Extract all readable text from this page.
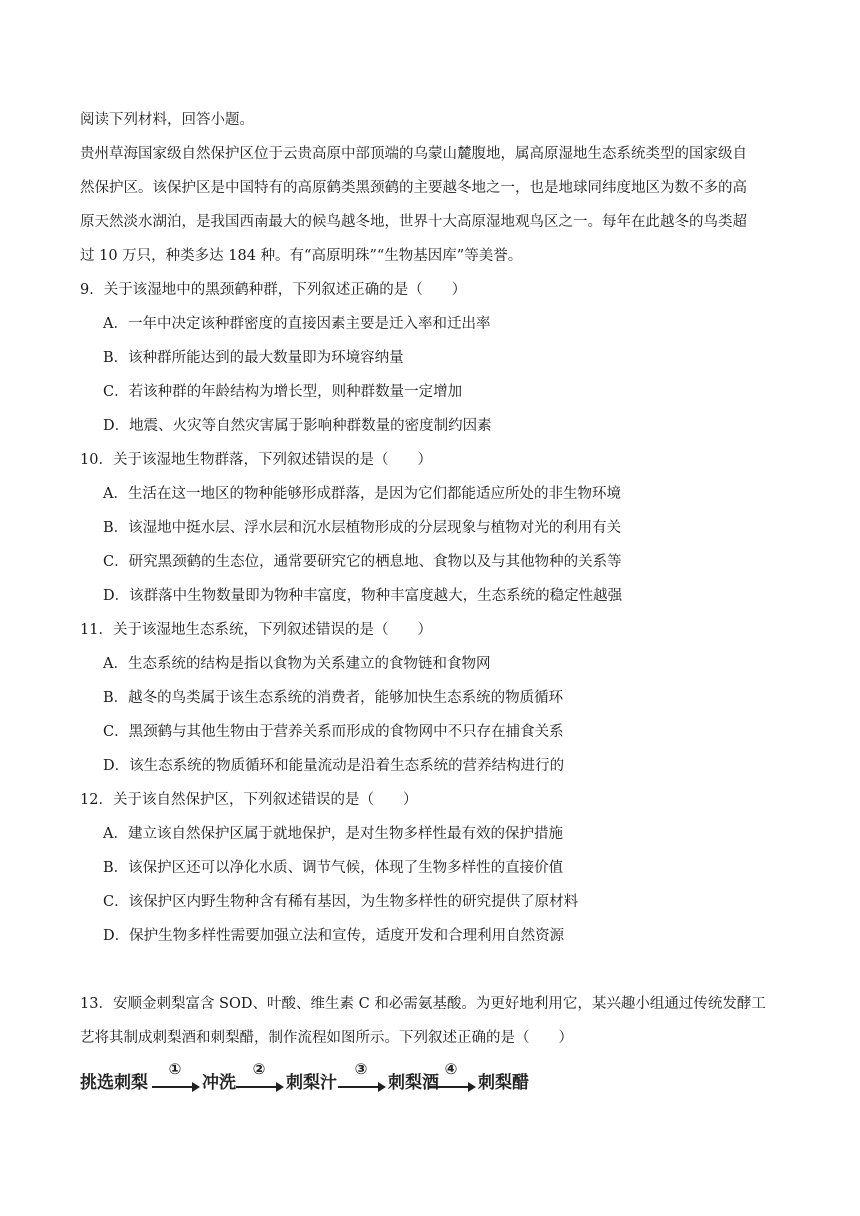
阅读下列材料，回答小题。
贵州草海国家级自然保护区位于云贵高原中部顶端的乌蒙山麓腹地，属高原湿地生态系统类型的国家级自
然保护区。该保护区是中国特有的高原鹤类黑颈鹤的主要越冬地之一，也是地球同纬度地区为数不多的高
原天然淡水湖泊，是我国西南最大的候鸟越冬地，世界十大高原湿地观鸟区之一。每年在此越冬的鸟类超
过 10 万只，种类多达 184 种。有“高原明珠”“生物基因库”等美誉。
9．关于该湿地中的黑颈鹤种群，下列叙述正确的是（　　）
A．一年中决定该种群密度的直接因素主要是迁入率和迁出率
B．该种群所能达到的最大数量即为环境容纳量
C．若该种群的年龄结构为增长型，则种群数量一定增加
D．地震、火灾等自然灾害属于影响种群数量的密度制约因素
10．关于该湿地生物群落，下列叙述错误的是（　　）
A．生活在这一地区的物种能够形成群落，是因为它们都能适应所处的非生物环境
B．该湿地中挺水层、浮水层和沉水层植物形成的分层现象与植物对光的利用有关
C．研究黑颈鹤的生态位，通常要研究它的栖息地、食物以及与其他物种的关系等
D．该群落中生物数量即为物种丰富度，物种丰富度越大，生态系统的稳定性越强
11．关于该湿地生态系统，下列叙述错误的是（　　）
A．生态系统的结构是指以食物为关系建立的食物链和食物网
B．越冬的鸟类属于该生态系统的消费者，能够加快生态系统的物质循环
C．黑颈鹤与其他生物由于营养关系而形成的食物网中不只存在捕食关系
D．该生态系统的物质循环和能量流动是沿着生态系统的营养结构进行的
12．关于该自然保护区，下列叙述错误的是（　　）
A．建立该自然保护区属于就地保护，是对生物多样性最有效的保护措施
B．该保护区还可以净化水质、调节气候，体现了生物多样性的直接价值
C．该保护区内野生物种含有稀有基因，为生物多样性的研究提供了原材料
D．保护生物多样性需要加强立法和宣传，适度开发和合理利用自然资源
13．安顺金刺梨富含 SOD、叶酸、维生素 C 和必需氨基酸。为更好地利用它，某兴趣小组通过传统发酵工
艺将其制成刺梨酒和刺梨醋，制作流程如图所示。下列叙述正确的是（　　）
挑选刺梨
①
冲洗
②
刺梨汁
③
刺梨酒
④
刺梨醋
